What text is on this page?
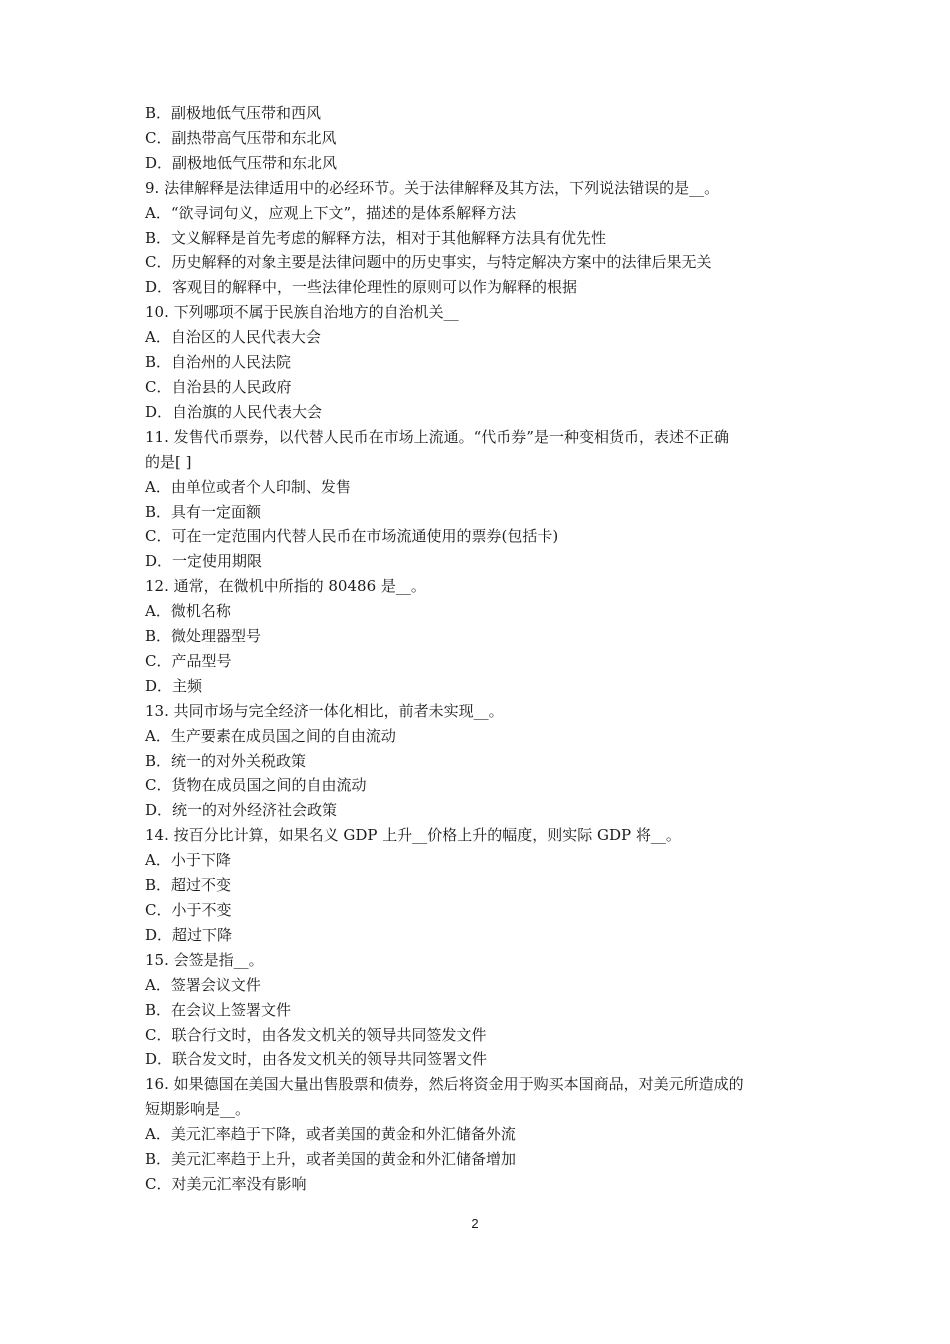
B．副极地低气压带和西风

C．副热带高气压带和东北风

D．副极地低气压带和东北风

9. 法律解释是法律适用中的必经环节。关于法律解释及其方法，下列说法错误的是__。

A．“欲寻词句义，应观上下文”，描述的是体系解释方法

B．文义解释是首先考虑的解释方法，相对于其他解释方法具有优先性

C．历史解释的对象主要是法律问题中的历史事实，与特定解决方案中的法律后果无关

D．客观目的解释中，一些法律伦理性的原则可以作为解释的根据

10. 下列哪项不属于民族自治地方的自治机关__

A．自治区的人民代表大会

B．自治州的人民法院

C．自治县的人民政府

D．自治旗的人民代表大会

11. 发售代币票券，以代替人民币在市场上流通。“代币券”是一种变相货币，表述不正确

的是[ ]

A．由单位或者个人印制、发售

B．具有一定面额

C．可在一定范围内代替人民币在市场流通使用的票券(包括卡)

D．一定使用期限

12. 通常，在微机中所指的 80486 是__。

A．微机名称

B．微处理器型号

C．产品型号

D．主频

13. 共同市场与完全经济一体化相比，前者未实现__。

A．生产要素在成员国之间的自由流动

B．统一的对外关税政策

C．货物在成员国之间的自由流动

D．统一的对外经济社会政策

14. 按百分比计算，如果名义 GDP 上升__价格上升的幅度，则实际 GDP 将__。

A．小于下降

B．超过不变

C．小于不变

D．超过下降

15. 会签是指__。

A．签署会议文件

B．在会议上签署文件

C．联合行文时，由各发文机关的领导共同签发文件

D．联合发文时，由各发文机关的领导共同签署文件

16. 如果德国在美国大量出售股票和债券，然后将资金用于购买本国商品，对美元所造成的

短期影响是__。

A．美元汇率趋于下降，或者美国的黄金和外汇储备外流

B．美元汇率趋于上升，或者美国的黄金和外汇储备增加

C．对美元汇率没有影响

2
